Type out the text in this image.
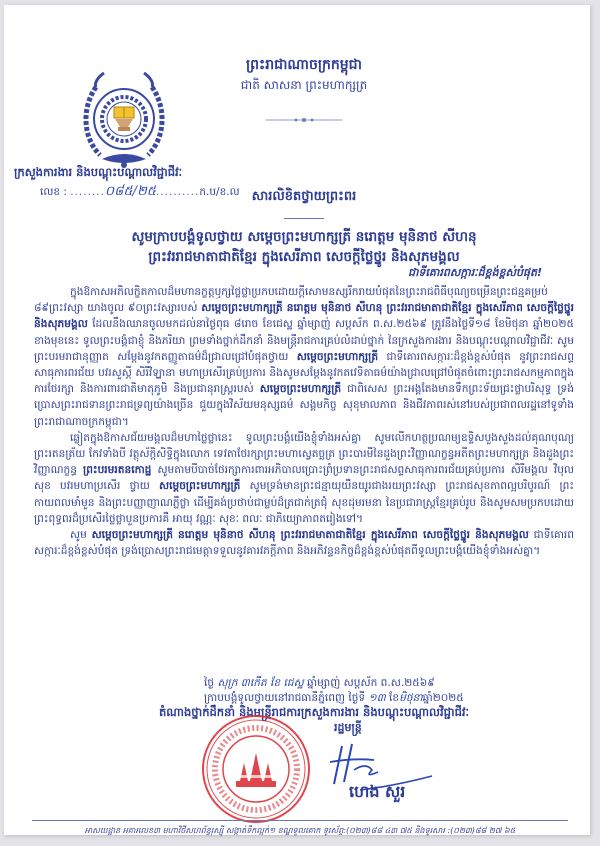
ព្រះរាជាណាចក្រកម្ពុជា
ជាតិ សាសនា ព្រះមហាក្សត្រ
ក្រសួងការងារ និងបណ្តុះបណ្តាលវិជ្ជាជីវៈ
លេខ : ........០៨៥/២៥..........ក.ប/ខ.ល សារលិខិតថ្វាយព្រះពរ
សូមក្រាបបង្គំទូលថ្វាយ សម្តេចព្រះមហាក្សត្រី នរោត្តម មុនិនាថ សីហនុ
ព្រះវររាជមាតាជាតិខ្មែរ ក្នុងសេរីភាព សេចក្តីថ្លៃថ្នូរ និងសុភមង្គល
ជាទីគោរពសក្ការៈដ៏ខ្ពង់ខ្ពស់បំផុត!

ក្នុងឱកាសអភិលក្ខិតកាលដ៏មហានក្ខត្តឫក្សថ្លៃថ្លាប្រកបដោយក្តីសោមនស្សរីករាយបំផុតនៃព្រះរាជពិធីបុណ្យចម្រើនព្រះជន្មគម្រប់ ៨៩ព្រះវស្សា យាងចូល ៩០ព្រះវស្សារបស់ សម្តេចព្រះមហាក្សត្រី នរោត្តម មុនិនាថ សីហនុ ព្រះវររាជមាតាជាតិខ្មែរ ក្នុងសេរីភាព សេចក្តីថ្លៃថ្នូរ និងសុភមង្គល ដែលនឹងឈានចូលមកដល់នាថ្ងៃពុធ ៨រោច ខែជេស្ឋ ឆ្នាំម្សាញ់ សប្តស័ក ព.ស.២៥៦៩ ត្រូវនឹងថ្ងៃទី១៨ ខែមិថុនា ឆ្នាំ២០២៥ ខាងមុខនេះ ទូលព្រះបង្គំជាខ្ញុំ និងភរិយា ព្រមទាំងថ្នាក់ដឹកនាំ និងមន្ត្រីរាជការគ្រប់លំដាប់ថ្នាក់ នៃក្រសួងការងារ និងបណ្តុះបណ្តាលវិជ្ជាជីវៈ សូមព្រះបរមរាជានុញ្ញាត សម្តែងនូវកតញ្ញូតាធម៌ដ៏ជ្រាលជ្រៅបំផុតថ្វាយ សម្តេចព្រះមហាក្សត្រី ជាទីគោរពសក្ការៈដ៏ខ្ពង់ខ្ពស់បំផុត នូវព្រះរាជសព្ទសាធុការពរជ័យ បវរសួស្តី សិរីវិឡ្ញានា មហាប្រសើរគ្រប់ប្រការ និងសូមសម្តែងនូវកតវេទិតាធម៌យ៉ាងជ្រាលជ្រៅបំផុតចំពោះព្រះរាជសកម្មភាពក្នុងការថែរក្សា និងការពារជាតិមាតុភូមិ និងប្រជានុរាស្ត្ររបស់ សម្តេចព្រះមហាក្សត្រី ជាពិសេស ព្រះអង្គតែងមានទឹកព្រះទ័យជ្រះថ្លាបរិសុទ្ធ ទ្រង់ប្រោសព្រះរាជទានព្រះរាជទ្រព្យយ៉ាងច្រើន ជួយក្នុងវិស័យមនុស្សធម៌ សង្គមកិច្ច សុខុមាលភាព និងជីវភាពរស់នៅរបស់ប្រជាពលរដ្ឋនៅទូទាំងព្រះរាជាណាចក្រកម្ពុជា។

ឆ្លៀតក្នុងឱកាសជ័យមង្គលដ៏មហាថ្លៃថ្លានេះ ទូលព្រះបង្គំយើងខ្ញុំទាំងអស់គ្នា សូមលើកហត្ថប្រណម្យឧទ្ទិសបួងសួងដល់គុណបុណ្យព្រះរតនត្រ័យ កែវទាំងបី វត្ថុស័ក្តិសិទ្ធិក្នុងលោក ទេវតាថែរក្សាព្រះមហាស្វេតច្ឆត្រ ព្រះបារមីនៃដួងព្រះវិញ្ញាណក្ខន្ធអតីតព្រះមហាក្សត្រ និងដួងព្រះវិញ្ញាណក្ខន្ធ ព្រះបរមរតនកោដ្ឋ សូមតាមបីបាច់ថែរក្សាការពារអភិបាលប្រោះព្រំប្រទានព្រះរាជសព្ទសាធុការពរជ័យគ្រប់ប្រការ សិរីមង្គល វិបុលសុខ បវរមហាប្រសើរ ថ្វាយ សម្តេចព្រះមហាក្សត្រី សូមទ្រង់មានព្រះជន្មាយុយឺនយូរជាងរយព្រះវស្សា ព្រះរាជសុខភាពល្អបរិបូរណ៍ ព្រះកាយពលមាំមួន និងព្រះបញ្ញាញាណភ្លឺថ្លា ដើម្បីគង់ប្រថាប់ជាម្លប់ដ៏ត្រជាក់ត្រជុំ សុខដុមរមនា នៃប្រជារាស្ត្រខ្មែរគ្រប់រូប និងសូមសមប្រកបដោយព្រះពុទ្ធពរដ៏ប្រសើរថ្លៃថ្លាបួនប្រការគឺ អាយុ វណ្ណៈ សុខៈ ពលៈ ជាភិយ្យោភាពតរៀងទៅ។

សូម សម្តេចព្រះមហាក្សត្រី នរោត្តម មុនិនាថ សីហនុ ព្រះវររាជមាតាជាតិខ្មែរ ក្នុងសេរីភាព សេចក្តីថ្លៃថ្នូរ និងសុភមង្គល ជាទីគោរពសក្ការៈដ៏ខ្ពង់ខ្ពស់បំផុត ទ្រង់ប្រោសព្រះរាជមេត្តាទទួលនូវគារវភក្តីភាព និងអភិវន្ទនកិច្ចដ៏ខ្ពង់ខ្ពស់បំផុតពីទូលព្រះបង្គំយើងខ្ញុំទាំងអស់គ្នា។

ថ្ងៃ សុក្រ ៣កើត ខែ ជេស្ឋ ឆ្នាំម្សាញ់ សប្តស័ក ព.ស.២៥៦៩
ក្រាបបង្គំទូលថ្វាយនៅរាជធានីភ្នំពេញ ថ្ងៃទី ១៣ ខែមិថុនាឆ្នាំ២០២៥
តំណាងថ្នាក់ដឹកនាំ និងមន្ត្រីរាជការក្រសួងការងារ និងបណ្តុះបណ្តាលវិជ្ជាជីវៈ
រដ្ឋមន្ត្រី
ហេង សួរ
អាសយដ្ឋាន អគារលេខ៣ មហាវិថីសហព័ន្ធរុស្ស៊ី សង្កាត់ទឹកល្អក់១ ខណ្ឌទួលគោក ទូរស័ព្ទ:(០២៣)៨៨ ៤៣ ៧៥ និងទូរសារ :(០២៣)៨៨ ២៧ ៦៥
